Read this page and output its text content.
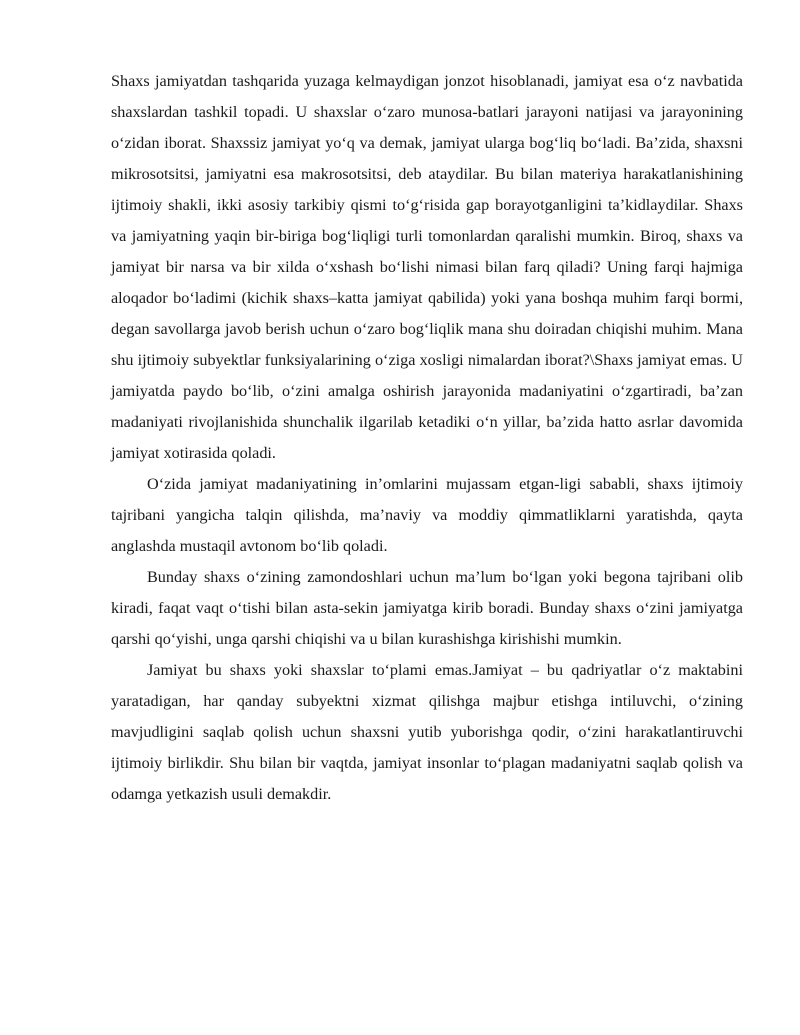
Shaxs jamiyatdan tashqarida yuzaga kelmaydigan jonzot hisoblanadi, jamiyat esa o‘z navbatida shaxslardan tashkil topadi. U shaxslar o‘zaro munosa-batlari jarayoni natijasi va jarayonining o‘zidan iborat. Shaxssiz jamiyat yo‘q va demak, jamiyat ularga bog‘liq bo‘ladi. Ba’zida, shaxsni mikrosotsitsi, jamiyatni esa makrosotsitsi, deb ataydilar. Bu bilan materiya harakatlanishining ijtimoiy shakli, ikki asosiy tarkibiy qismi to‘g‘risida gap borayotganligini ta’kidlaydilar. Shaxs va jamiyatning yaqin bir-biriga bog‘liqligi turli tomonlardan qaralishi mumkin. Biroq, shaxs va jamiyat bir narsa va bir xilda o‘xshash bo‘lishi nimasi bilan farq qiladi? Uning farqi hajmiga aloqador bo‘ladimi (kichik shaxs–katta jamiyat qabilida) yoki yana boshqa muhim farqi bormi, degan savollarga javob berish uchun o‘zaro bog‘liqlik mana shu doiradan chiqishi muhim. Mana shu ijtimoiy subyektlar funksiyalarining o‘ziga xosligi nimalardan iborat?\Shaxs jamiyat emas. U jamiyatda paydo bo‘lib, o‘zini amalga oshirish jarayonida madaniyatini o‘zgartiradi, ba’zan madaniyati rivojlanishida shunchalik ilgarilab ketadiki o‘n yillar, ba’zida hatto asrlar davomida jamiyat xotirasida qoladi.

O‘zida jamiyat madaniyatining in’omlarini mujassam etgan-ligi sababli, shaxs ijtimoiy tajribani yangicha talqin qilishda, ma’naviy va moddiy qimmatliklarni yaratishda, qayta anglashda mustaqil avtonom bo‘lib qoladi.

Bunday shaxs o‘zining zamondoshlari uchun ma’lum bo‘lgan yoki begona tajribani olib kiradi, faqat vaqt o‘tishi bilan asta-sekin jamiyatga kirib boradi. Bunday shaxs o‘zini jamiyatga qarshi qo‘yishi, unga qarshi chiqishi va u bilan kurashishga kirishishi mumkin.

Jamiyat bu shaxs yoki shaxslar to‘plami emas.Jamiyat – bu qadriyatlar o‘z maktabini yaratadigan, har qanday subyektni xizmat qilishga majbur etishga intiluvchi, o‘zining mavjudligini saqlab qolish uchun shaxsni yutib yuborishga qodir, o‘zini harakatlantiruvchi ijtimoiy birlikdir. Shu bilan bir vaqtda, jamiyat insonlar to‘plagan madaniyatni saqlab qolish va odamga yetkazish usuli demakdir.
